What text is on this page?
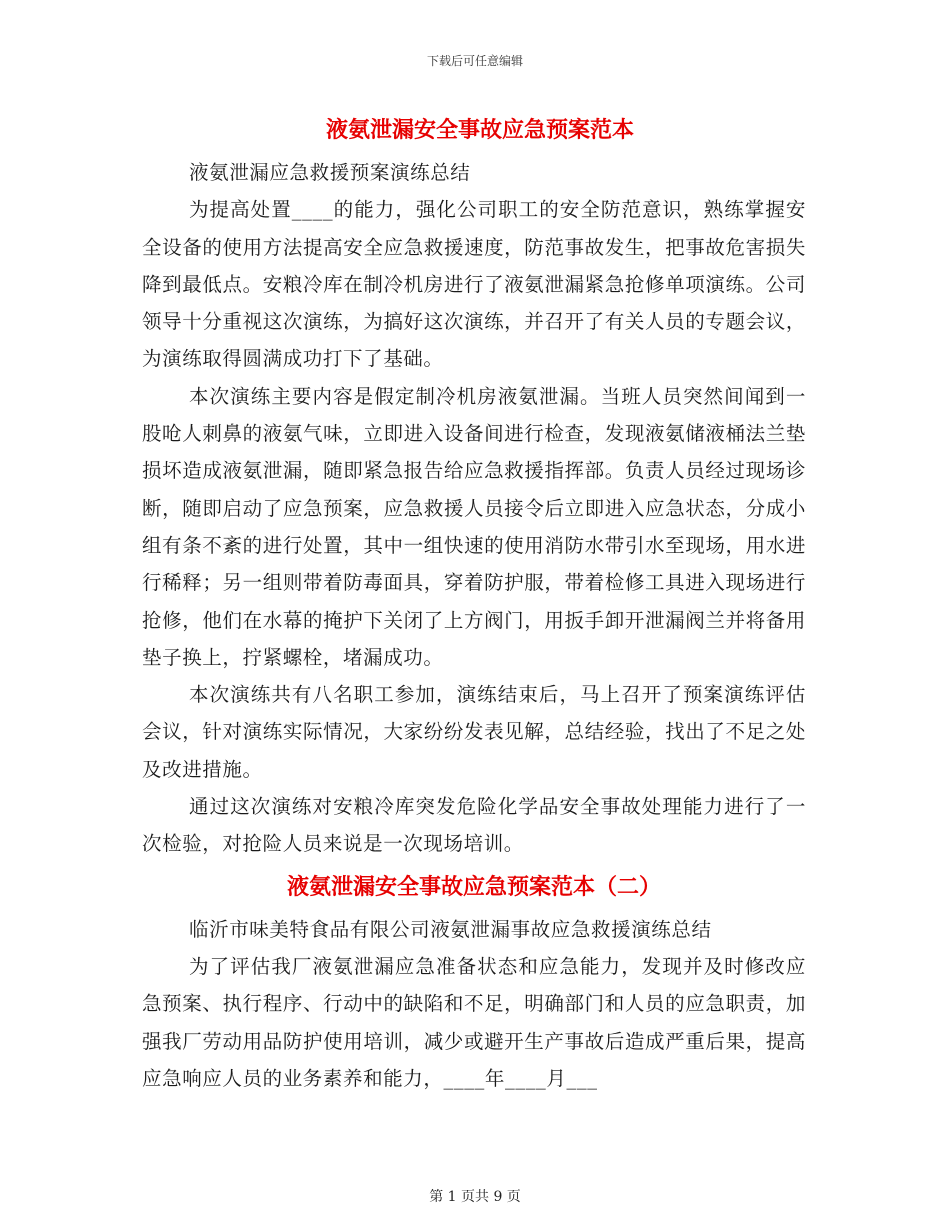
下载后可任意编辑
液氨泄漏安全事故应急预案范本

液氨泄漏应急救援预案演练总结

为提高处置____的能力，强化公司职工的安全防范意识，熟练掌握安全设备的使用方法提高安全应急救援速度，防范事故发生，把事故危害损失降到最低点。安粮冷库在制冷机房进行了液氨泄漏紧急抢修单项演练。公司领导十分重视这次演练，为搞好这次演练，并召开了有关人员的专题会议，为演练取得圆满成功打下了基础。

本次演练主要内容是假定制冷机房液氨泄漏。当班人员突然间闻到一股呛人刺鼻的液氨气味，立即进入设备间进行检查，发现液氨储液桶法兰垫损坏造成液氨泄漏，随即紧急报告给应急救援指挥部。负责人员经过现场诊断，随即启动了应急预案，应急救援人员接令后立即进入应急状态，分成小组有条不紊的进行处置，其中一组快速的使用消防水带引水至现场，用水进行稀释；另一组则带着防毒面具，穿着防护服，带着检修工具进入现场进行抢修，他们在水幕的掩护下关闭了上方阀门，用扳手卸开泄漏阀兰并将备用垫子换上，拧紧螺栓，堵漏成功。

本次演练共有八名职工参加，演练结束后，马上召开了预案演练评估会议，针对演练实际情况，大家纷纷发表见解，总结经验，找出了不足之处及改进措施。

通过这次演练对安粮冷库突发危险化学品安全事故处理能力进行了一次检验，对抢险人员来说是一次现场培训。

液氨泄漏安全事故应急预案范本（二）

临沂市味美特食品有限公司液氨泄漏事故应急救援演练总结

为了评估我厂液氨泄漏应急准备状态和应急能力，发现并及时修改应急预案、执行程序、行动中的缺陷和不足，明确部门和人员的应急职责，加强我厂劳动用品防护使用培训，减少或避开生产事故后造成严重后果，提高应急响应人员的业务素养和能力，____年____月___

第 1 页共 9 页
